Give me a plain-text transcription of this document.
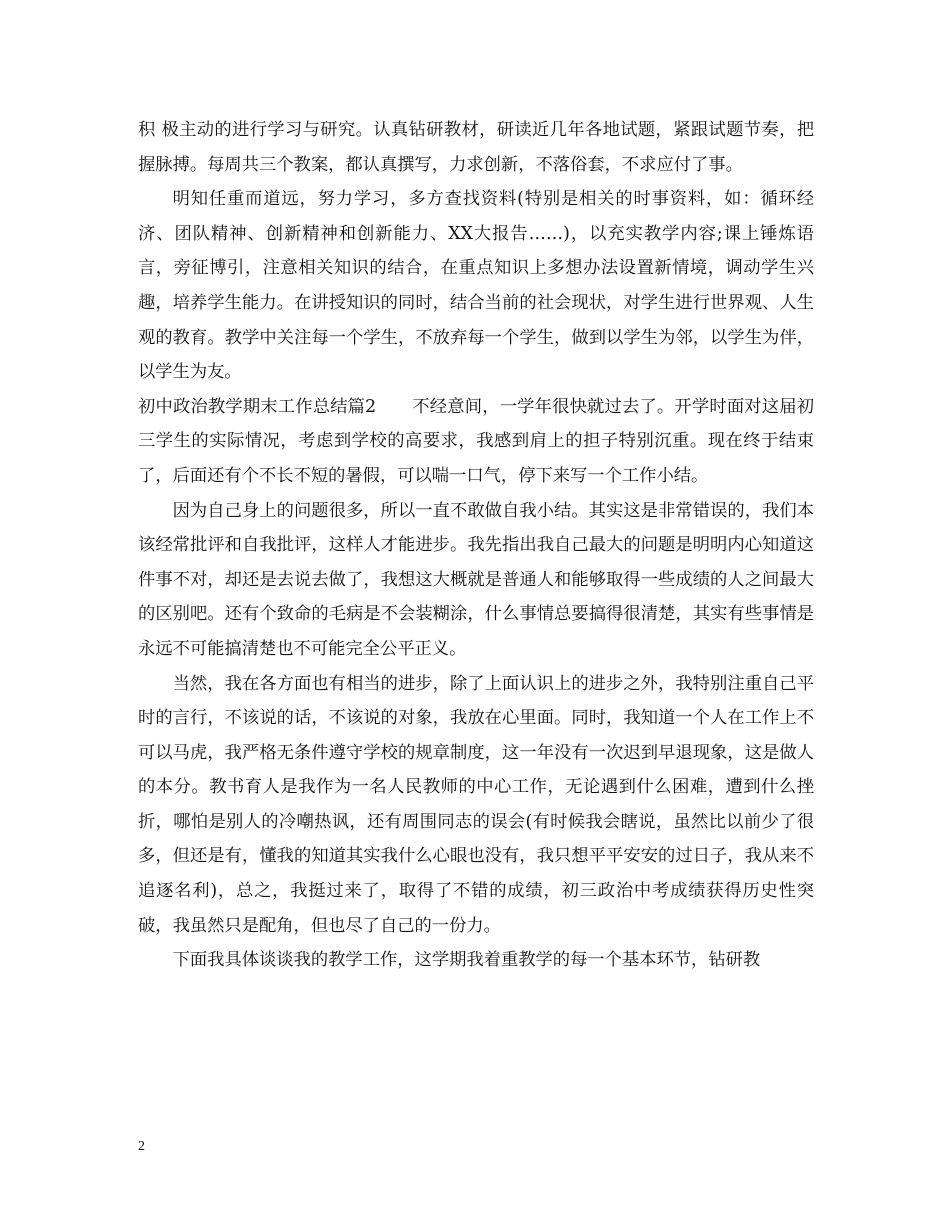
积 极主动的进行学习与研究。认真钻研教材，研读近几年各地试题，紧跟试题节奏，把握脉搏。每周共三个教案，都认真撰写，力求创新，不落俗套，不求应付了事。

明知任重而道远，努力学习，多方查找资料(特别是相关的时事资料，如：循环经济、团队精神、创新精神和创新能力、XX大报告……)，以充实教学内容;课上锤炼语言，旁征博引，注意相关知识的结合，在重点知识上多想办法设置新情境，调动学生兴趣，培养学生能力。在讲授知识的同时，结合当前的社会现状，对学生进行世界观、人生观的教育。教学中关注每一个学生，不放弃每一个学生，做到以学生为邻，以学生为伴，以学生为友。

初中政治教学期末工作总结篇2 不经意间，一学年很快就过去了。开学时面对这届初三学生的实际情况，考虑到学校的高要求，我感到肩上的担子特别沉重。现在终于结束了，后面还有个不长不短的暑假，可以喘一口气，停下来写一个工作小结。

因为自己身上的问题很多，所以一直不敢做自我小结。其实这是非常错误的，我们本该经常批评和自我批评，这样人才能进步。我先指出我自己最大的问题是明明内心知道这件事不对，却还是去说去做了，我想这大概就是普通人和能够取得一些成绩的人之间最大的区别吧。还有个致命的毛病是不会装糊涂，什么事情总要搞得很清楚，其实有些事情是永远不可能搞清楚也不可能完全公平正义。

当然，我在各方面也有相当的进步，除了上面认识上的进步之外，我特别注重自己平时的言行，不该说的话，不该说的对象，我放在心里面。同时，我知道一个人在工作上不可以马虎，我严格无条件遵守学校的规章制度，这一年没有一次迟到早退现象，这是做人的本分。教书育人是我作为一名人民教师的中心工作，无论遇到什么困难，遭到什么挫折，哪怕是别人的冷嘲热讽，还有周围同志的误会(有时候我会瞎说，虽然比以前少了很多，但还是有，懂我的知道其实我什么心眼也没有，我只想平平安安的过日子，我从来不追逐名利)，总之，我挺过来了，取得了不错的成绩，初三政治中考成绩获得历史性突破，我虽然只是配角，但也尽了自己的一份力。

下面我具体谈谈我的教学工作，这学期我着重教学的每一个基本环节，钻研教

2
